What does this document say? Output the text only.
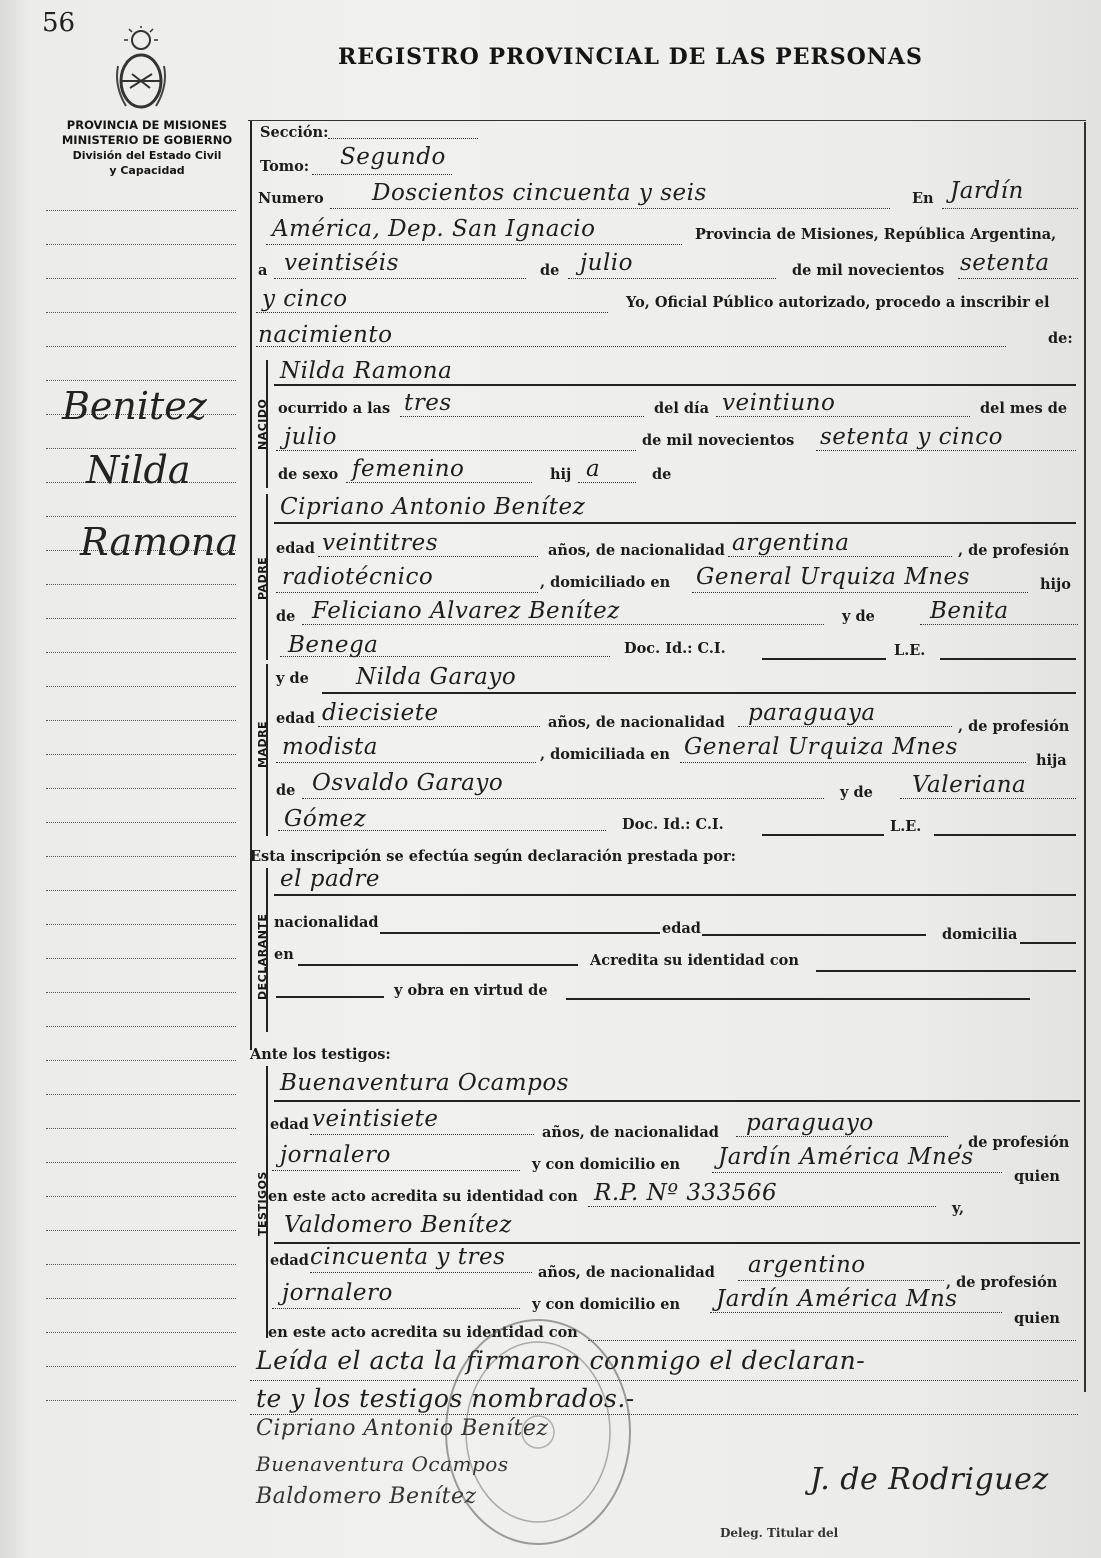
56
REGISTRO PROVINCIAL DE LAS PERSONAS
PROVINCIA DE MISIONES
MINISTERIO DE GOBIERNO
División del Estado Civil
y Capacidad
Benitez
Nilda
Ramona
Sección:
Tomo: Segundo
Numero Doscientos cincuenta y seis	En Jardín
América, Dep. San Ignacio	Provincia de Misiones, República Argentina,
a veintiséis	de julio	de mil novecientos setenta
y cinco	Yo, Oficial Público autorizado, procedo a inscribir el
nacimiento	de:
NACIDO
Nilda Ramona
ocurrido a las tres	del día veintiuno	del mes de
julio	de mil novecientos setenta y cinco
de sexo femenino	hij a	de
PADRE
Cipriano Antonio Benítez
edad veintitres	años, de nacionalidad argentina	, de profesión
radiotécnico	, domiciliado en General Urquiza Mnes	hijo
de Feliciano Alvarez Benítez	y de Benita
Benega	Doc. Id.: C.I.	L.E.
MADRE
y de Nilda Garayo
edad diecisiete	años, de nacionalidad paraguaya
, de profesión
modista	, domiciliada en General Urquiza Mnes
hija
de Osvaldo Garayo	y de Valeriana
Gómez	Doc. Id.: C.I.	L.E.
Esta inscripción se efectúa según declaración prestada por:
DECLARANTE
el padre
nacionalidad	edad	domicilia
en	Acredita su identidad con
y obra en virtud de
Ante los testigos:
TESTIGOS
Buenaventura Ocampos
edad veintisiete
años, de nacionalidad paraguayo
, de profesión
jornalero	y con domicilio en Jardín América Mnes
quien
en este acto acredita su identidad con R.P. Nº 333566
y,
Valdomero Benítez
edad cincuenta y tres
años, de nacionalidad argentino
, de profesión
jornalero	y con domicilio en Jardín América Mns
quien
en este acto acredita su identidad con
Leída el acta la firmaron conmigo el declaran-
te y los testigos nombrados.-
Cipriano Antonio Benítez
Buenaventura Ocampos
Baldomero Benítez	J. de Rodriguez
Deleg. Titular del
